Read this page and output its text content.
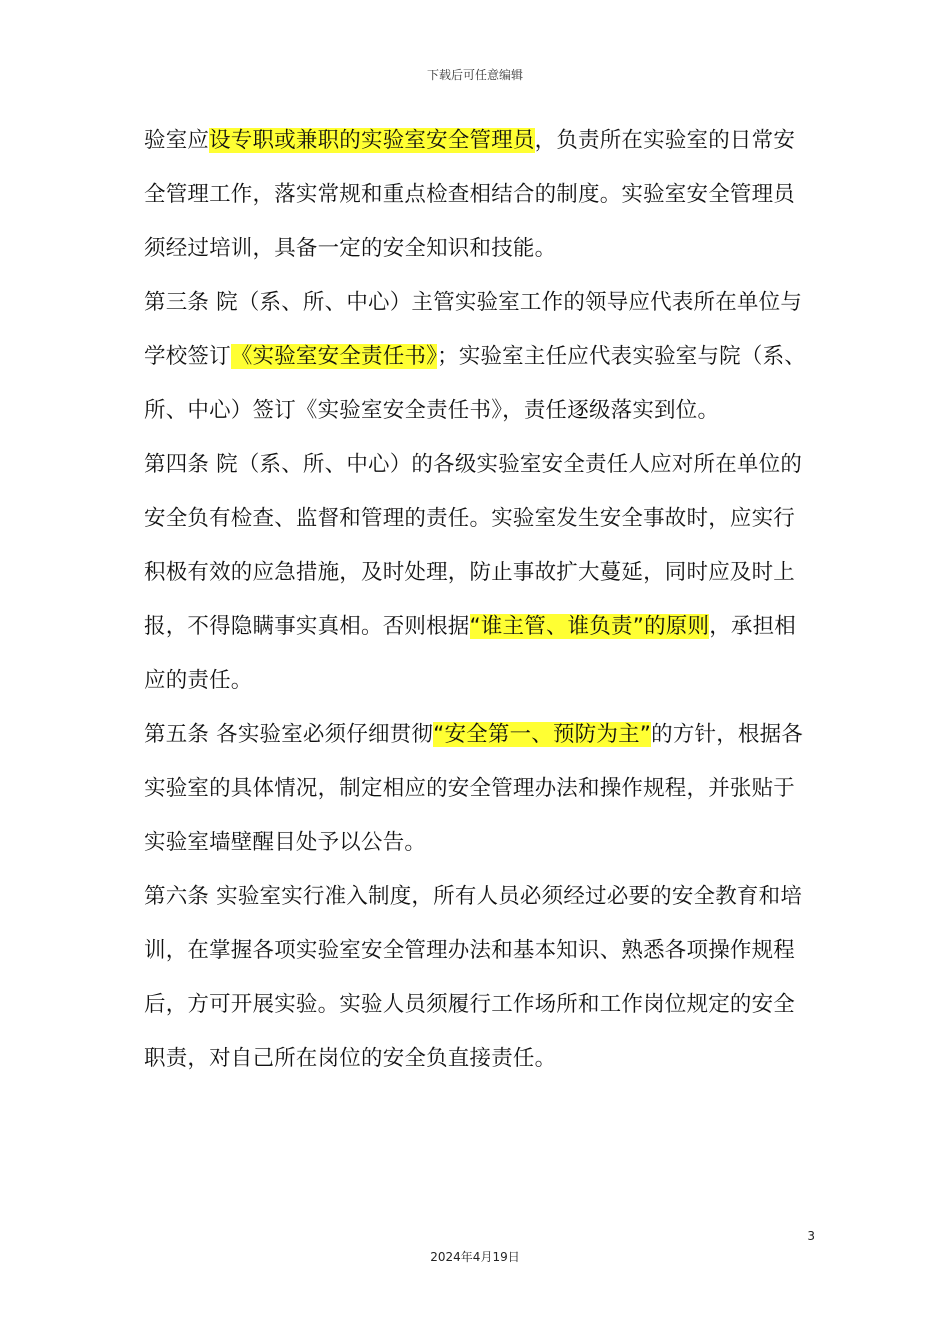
下载后可任意编辑

验室应设专职或兼职的实验室安全管理员，负责所在实验室的日常安全管理工作，落实常规和重点检查相结合的制度。实验室安全管理员须经过培训，具备一定的安全知识和技能。

第三条 院（系、所、中心）主管实验室工作的领导应代表所在单位与学校签订《实验室安全责任书》；实验室主任应代表实验室与院（系、所、中心）签订《实验室安全责任书》，责任逐级落实到位。

第四条 院（系、所、中心）的各级实验室安全责任人应对所在单位的安全负有检查、监督和管理的责任。实验室发生安全事故时，应实行积极有效的应急措施，及时处理，防止事故扩大蔓延，同时应及时上报，不得隐瞒事实真相。否则根据“谁主管、谁负责”的原则，承担相应的责任。

第五条 各实验室必须仔细贯彻“安全第一、预防为主”的方针，根据各实验室的具体情况，制定相应的安全管理办法和操作规程，并张贴于实验室墙壁醒目处予以公告。

第六条 实验室实行准入制度，所有人员必须经过必要的安全教育和培训，在掌握各项实验室安全管理办法和基本知识、熟悉各项操作规程后，方可开展实验。实验人员须履行工作场所和工作岗位规定的安全职责，对自己所在岗位的安全负直接责任。

3
2024年4月19日
